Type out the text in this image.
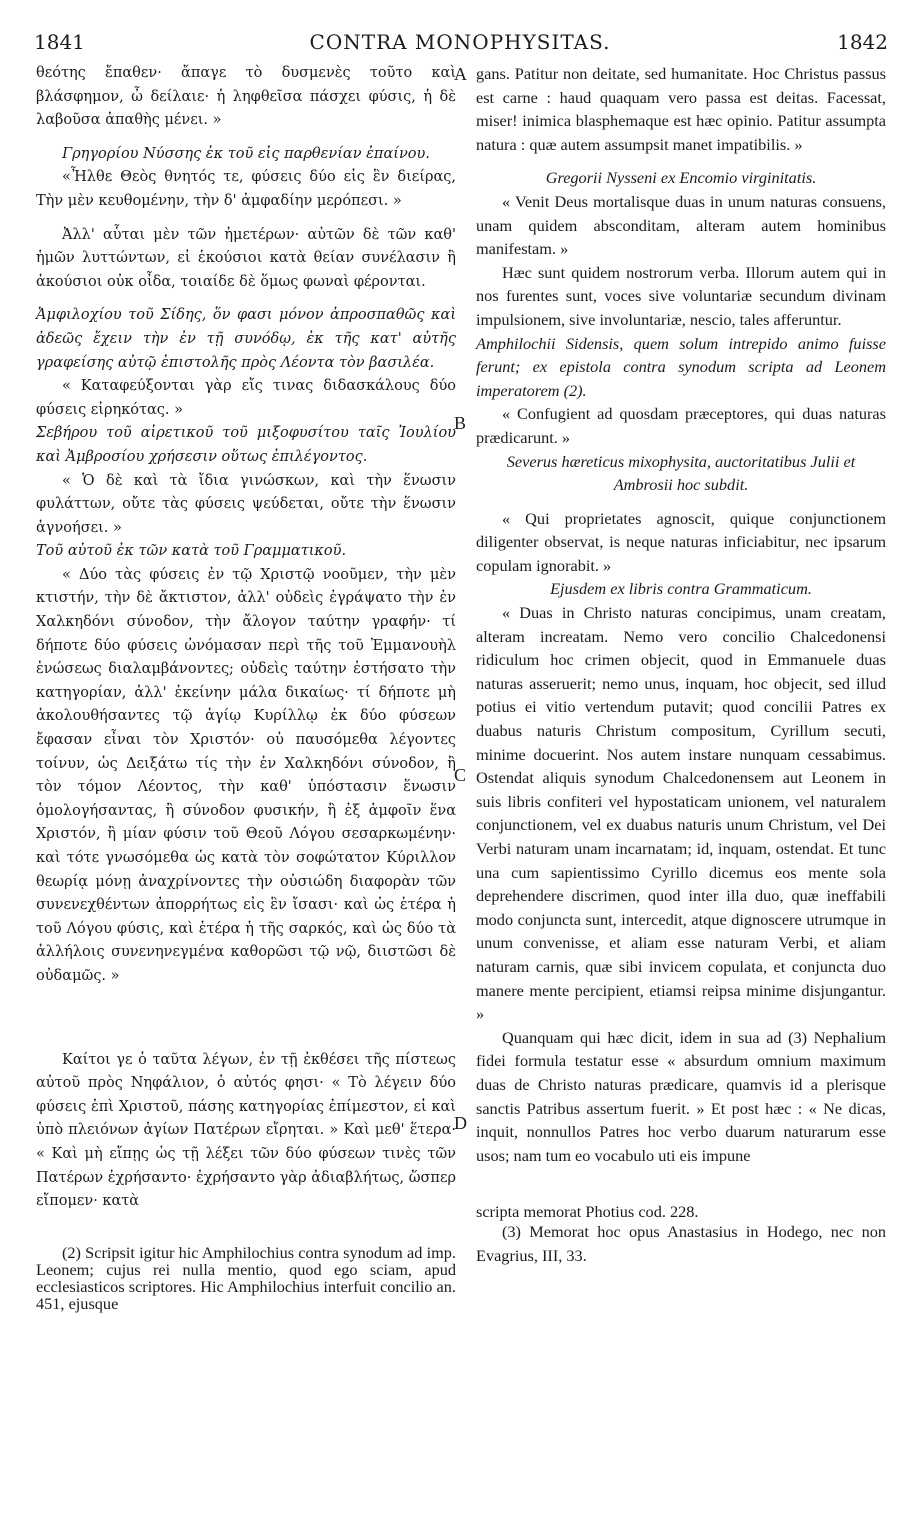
1841	CONTRA MONOPHYSITAS.	1842
A
B
C
D

θεότης ἔπαθεν· ἄπαγε τὸ δυσμενὲς τοῦτο καὶ βλάσφημον, ὦ δείλαιε· ἡ ληφθεῖσα πάσχει φύσις, ἡ δὲ λαβοῦσα ἀπαθὴς μένει. »

Γρηγορίου Νύσσης ἐκ τοῦ εἰς παρθενίαν ἐπαίνου.

«Ἦλθε Θεὸς θνητός τε, φύσεις δύο εἰς ἓν διείρας, Τὴν μὲν κευθομένην, τὴν δ' ἀμφαδίην μερόπεσι. »

Ἀλλ' αὗται μὲν τῶν ἡμετέρων· αὐτῶν δὲ τῶν καθ' ἡμῶν λυττώντων, εἰ ἑκούσιοι κατὰ θείαν συνέλασιν ἢ ἀκούσιοι οὐκ οἶδα, τοιαίδε δὲ ὅμως φωναὶ φέρονται.

Ἀμφιλοχίου τοῦ Σίδης, ὅν φασι μόνον ἀπροσπαθῶς καὶ ἀδεῶς ἔχειν τὴν ἐν τῇ συνόδῳ, ἐκ τῆς κατ' αὐτῆς γραφείσης αὐτῷ ἐπιστολῆς πρὸς Λέοντα τὸν βασιλέα.

« Καταφεύξονται γὰρ εἴς τινας διδασκάλους δύο φύσεις εἰρηκότας. »

Σεβήρου τοῦ αἱρετικοῦ τοῦ μιξοφυσίτου ταῖς Ἰουλίου καὶ Ἀμβροσίου χρήσεσιν οὕτως ἐπιλέγοντος.

« Ὁ δὲ καὶ τὰ ἴδια γινώσκων, καὶ τὴν ἕνωσιν φυλάττων, οὔτε τὰς φύσεις ψεύδεται, οὔτε τὴν ἕνωσιν ἀγνοήσει. »

Τοῦ αὐτοῦ ἐκ τῶν κατὰ τοῦ Γραμματικοῦ.

« Δύο τὰς φύσεις ἐν τῷ Χριστῷ νοοῦμεν, τὴν μὲν κτιστήν, τὴν δὲ ἄκτιστον, ἀλλ' οὐδεὶς ἐγράψατο τὴν ἐν Χαλκηδόνι σύνοδον, τὴν ἄλογον ταύτην γραφήν· τί δήποτε δύο φύσεις ὠνόμασαν περὶ τῆς τοῦ Ἐμμανουὴλ ἑνώσεως διαλαμβάνοντες; οὐδεὶς ταύτην ἐστήσατο τὴν κατηγορίαν, ἀλλ' ἐκείνην μάλα δικαίως· τί δήποτε μὴ ἀκολουθήσαντες τῷ ἁγίῳ Κυρίλλῳ ἐκ δύο φύσεων ἔφασαν εἶναι τὸν Χριστόν· οὐ παυσόμεθα λέγοντες τοίνυν, ὡς Δειξάτω τίς τὴν ἐν Χαλκηδόνι σύνοδον, ἢ τὸν τόμον Λέοντος, τὴν καθ' ὑπόστασιν ἕνωσιν ὁμολογήσαντας, ἢ σύνοδον φυσικήν, ἢ ἐξ ἀμφοῖν ἕνα Χριστόν, ἢ μίαν φύσιν τοῦ Θεοῦ Λόγου σεσαρκωμένην· καὶ τότε γνωσόμεθα ὡς κατὰ τὸν σοφώτατον Κύριλλον θεωρίᾳ μόνῃ ἀναχρίνοντες τὴν οὐσιώδη διαφορὰν τῶν συνενεχθέντων ἀπορρήτως εἰς ἓν ἴσασι· καὶ ὡς ἑτέρα ἡ τοῦ Λόγου φύσις, καὶ ἑτέρα ἡ τῆς σαρκός, καὶ ὡς δύο τὰ ἀλλήλοις συνενηνεγμένα καθορῶσι τῷ νῷ, διιστῶσι δὲ οὐδαμῶς. »

Καίτοι γε ὁ ταῦτα λέγων, ἐν τῇ ἐκθέσει τῆς πίστεως αὐτοῦ πρὸς Νηφάλιον, ὁ αὐτός φησι· « Τὸ λέγειν δύο φύσεις ἐπὶ Χριστοῦ, πάσης κατηγορίας ἐπίμεστον, εἰ καὶ ὑπὸ πλειόνων ἁγίων Πατέρων εἴρηται. » Καὶ μεθ' ἕτερα· « Καὶ μὴ εἴπῃς ὡς τῇ λέξει τῶν δύο φύσεων τινὲς τῶν Πατέρων ἐχρήσαντο· ἐχρήσαντο γὰρ ἀδιαβλήτως, ὥσπερ εἴπομεν· κατὰ

(2) Scripsit igitur hic Amphilochius contra synodum ad imp. Leonem; cujus rei nulla mentio, quod ego sciam, apud ecclesiasticos scriptores. Hic Amphilochius interfuit concilio an. 451, ejusque

gans. Patitur non deitate, sed humanitate. Hoc Christus passus est carne : haud quaquam vero passa est deitas. Facessat, miser! inimica blasphemaque est hæc opinio. Patitur assumpta natura : quæ autem assumpsit manet impatibilis. »

Gregorii Nysseni ex Encomio virginitatis.

« Venit Deus mortalisque duas in unum naturas consuens, unam quidem absconditam, alteram autem hominibus manifestam. »

Hæc sunt quidem nostrorum verba. Illorum autem qui in nos furentes sunt, voces sive voluntariæ secundum divinam impulsionem, sive involuntariæ, nescio, tales afferuntur.

Amphilochii Sidensis, quem solum intrepido animo fuisse ferunt; ex epistola contra synodum scripta ad Leonem imperatorem (2).

« Confugient ad quosdam præceptores, qui duas naturas prædicarunt. »

Severus hæreticus mixophysita, auctoritatibus Julii et Ambrosii hoc subdit.

« Qui proprietates agnoscit, quique conjunctionem diligenter observat, is neque naturas inficiabitur, nec ipsarum copulam ignorabit. »

Ejusdem ex libris contra Grammaticum.

« Duas in Christo naturas concipimus, unam creatam, alteram increatam. Nemo vero concilio Chalcedonensi ridiculum hoc crimen objecit, quod in Emmanuele duas naturas asseruerit; nemo unus, inquam, hoc objecit, sed illud potius ei vitio vertendum putavit; quod concilii Patres ex duabus naturis Christum compositum, Cyrillum secuti, minime docuerint. Nos autem instare nunquam cessabimus. Ostendat aliquis synodum Chalcedonensem aut Leonem in suis libris confiteri vel hypostaticam unionem, vel naturalem conjunctionem, vel ex duabus naturis unum Christum, vel Dei Verbi naturam unam incarnatam; id, inquam, ostendat. Et tunc una cum sapientissimo Cyrillo dicemus eos mente sola deprehendere discrimen, quod inter illa duo, quæ ineffabili modo conjuncta sunt, intercedit, atque dignoscere utrumque in unum convenisse, et aliam esse naturam Verbi, et aliam naturam carnis, quæ sibi invicem copulata, et conjuncta duo manere mente percipient, etiamsi reipsa minime disjungantur. »

Quanquam qui hæc dicit, idem in sua ad (3) Nephalium fidei formula testatur esse « absurdum omnium maximum duas de Christo naturas prædicare, quamvis id a plerisque sanctis Patribus assertum fuerit. » Et post hæc : « Ne dicas, inquit, nonnullos Patres hoc verbo duarum naturarum esse usos; nam tum eo vocabulo uti eis impune

scripta memorat Photius cod. 228.

(3) Memorat hoc opus Anastasius in Hodego, nec non Evagrius, III, 33.
